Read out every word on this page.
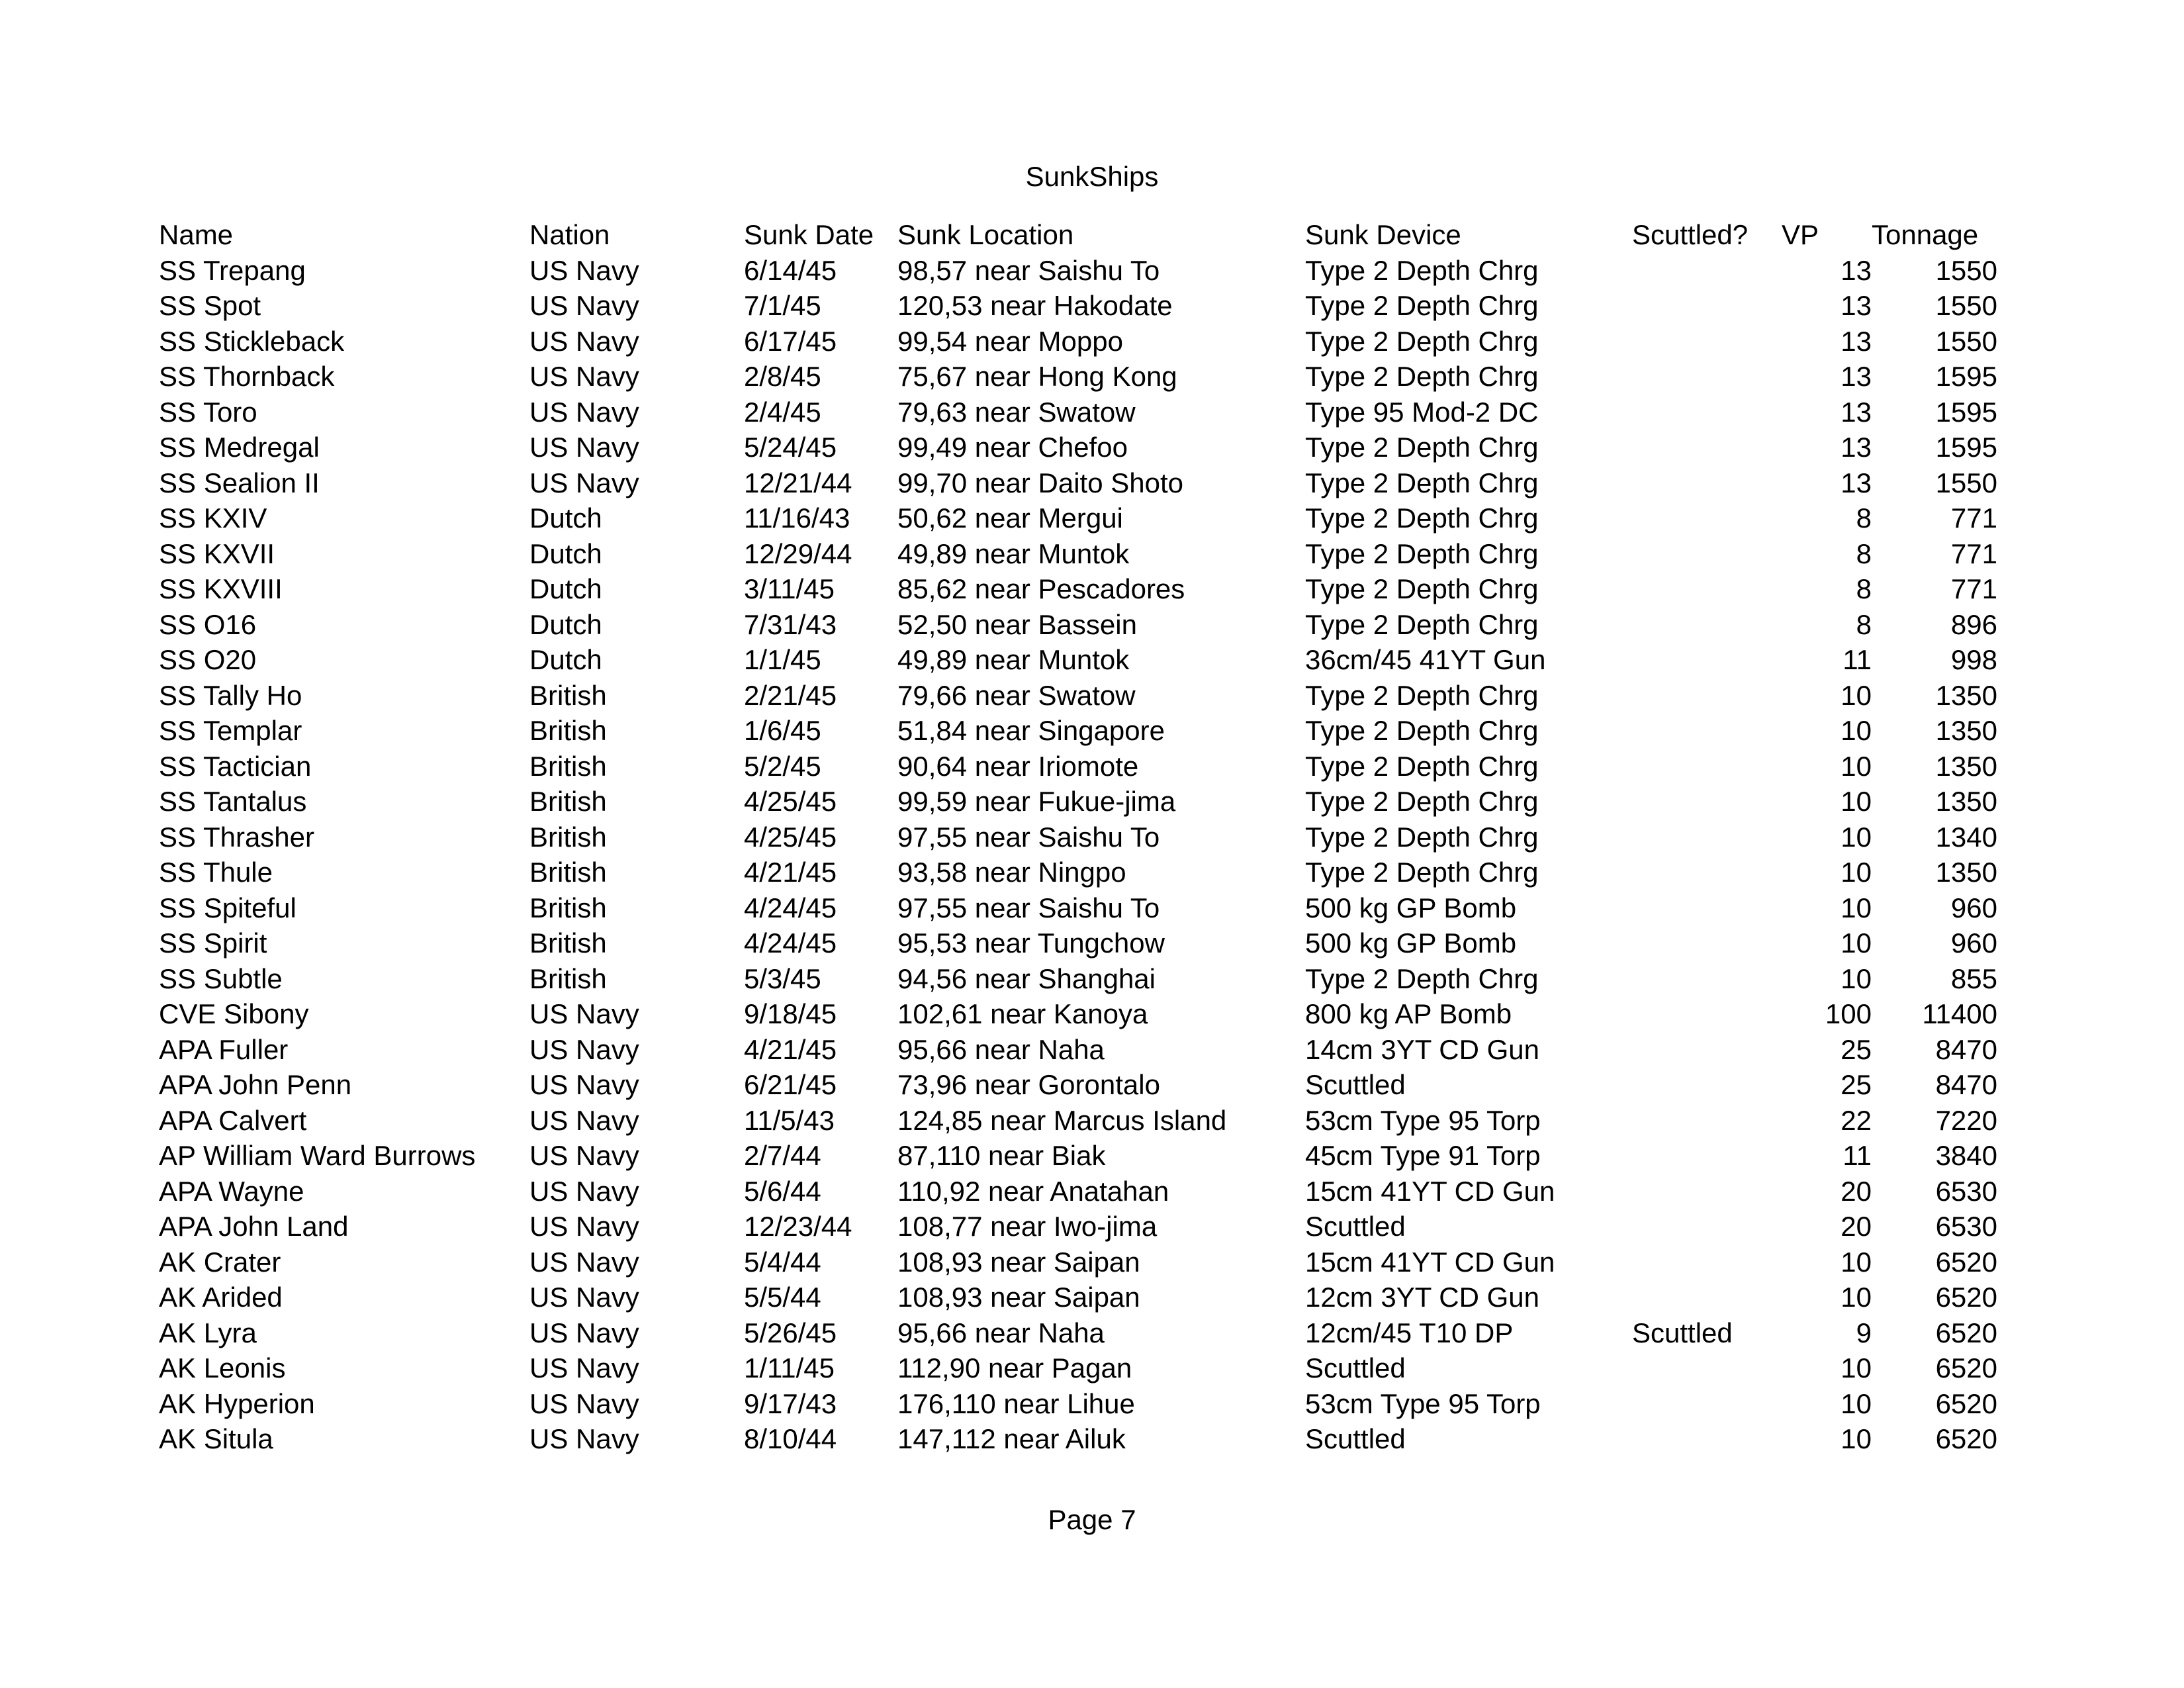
SunkShips
Name	Nation	Sunk Date	Sunk Location	Sunk Device	Scuttled?	VP	Tonnage
SS Trepang	US Navy	6/14/45	98,57 near Saishu To	Type 2 Depth Chrg		13	1550
SS Spot	US Navy	7/1/45	120,53 near Hakodate	Type 2 Depth Chrg		13	1550
SS Stickleback	US Navy	6/17/45	99,54 near Moppo	Type 2 Depth Chrg		13	1550
SS Thornback	US Navy	2/8/45	75,67 near Hong Kong	Type 2 Depth Chrg		13	1595
SS Toro	US Navy	2/4/45	79,63 near Swatow	Type 95 Mod-2 DC		13	1595
SS Medregal	US Navy	5/24/45	99,49 near Chefoo	Type 2 Depth Chrg		13	1595
SS Sealion II	US Navy	12/21/44	99,70 near Daito Shoto	Type 2 Depth Chrg		13	1550
SS KXIV	Dutch	11/16/43	50,62 near Mergui	Type 2 Depth Chrg		8	771
SS KXVII	Dutch	12/29/44	49,89 near Muntok	Type 2 Depth Chrg		8	771
SS KXVIII	Dutch	3/11/45	85,62 near Pescadores	Type 2 Depth Chrg		8	771
SS O16	Dutch	7/31/43	52,50 near Bassein	Type 2 Depth Chrg		8	896
SS O20	Dutch	1/1/45	49,89 near Muntok	36cm/45 41YT Gun		11	998
SS Tally Ho	British	2/21/45	79,66 near Swatow	Type 2 Depth Chrg		10	1350
SS Templar	British	1/6/45	51,84 near Singapore	Type 2 Depth Chrg		10	1350
SS Tactician	British	5/2/45	90,64 near Iriomote	Type 2 Depth Chrg		10	1350
SS Tantalus	British	4/25/45	99,59 near Fukue-jima	Type 2 Depth Chrg		10	1350
SS Thrasher	British	4/25/45	97,55 near Saishu To	Type 2 Depth Chrg		10	1340
SS Thule	British	4/21/45	93,58 near Ningpo	Type 2 Depth Chrg		10	1350
SS Spiteful	British	4/24/45	97,55 near Saishu To	500 kg GP Bomb		10	960
SS Spirit	British	4/24/45	95,53 near Tungchow	500 kg GP Bomb		10	960
SS Subtle	British	5/3/45	94,56 near Shanghai	Type 2 Depth Chrg		10	855
CVE Sibony	US Navy	9/18/45	102,61 near Kanoya	800 kg AP Bomb		100	11400
APA Fuller	US Navy	4/21/45	95,66 near Naha	14cm 3YT CD Gun		25	8470
APA John Penn	US Navy	6/21/45	73,96 near Gorontalo	Scuttled		25	8470
APA Calvert	US Navy	11/5/43	124,85 near Marcus Island	53cm Type 95 Torp		22	7220
AP William Ward Burrows	US Navy	2/7/44	87,110 near Biak	45cm Type 91 Torp		11	3840
APA Wayne	US Navy	5/6/44	110,92 near Anatahan	15cm 41YT CD Gun		20	6530
APA John Land	US Navy	12/23/44	108,77 near Iwo-jima	Scuttled		20	6530
AK Crater	US Navy	5/4/44	108,93 near Saipan	15cm 41YT CD Gun		10	6520
AK Arided	US Navy	5/5/44	108,93 near Saipan	12cm 3YT CD Gun		10	6520
AK Lyra	US Navy	5/26/45	95,66 near Naha	12cm/45 T10 DP	Scuttled	9	6520
AK Leonis	US Navy	1/11/45	112,90 near Pagan	Scuttled		10	6520
AK Hyperion	US Navy	9/17/43	176,110 near Lihue	53cm Type 95 Torp		10	6520
AK Situla	US Navy	8/10/44	147,112 near Ailuk	Scuttled		10	6520
Page 7
